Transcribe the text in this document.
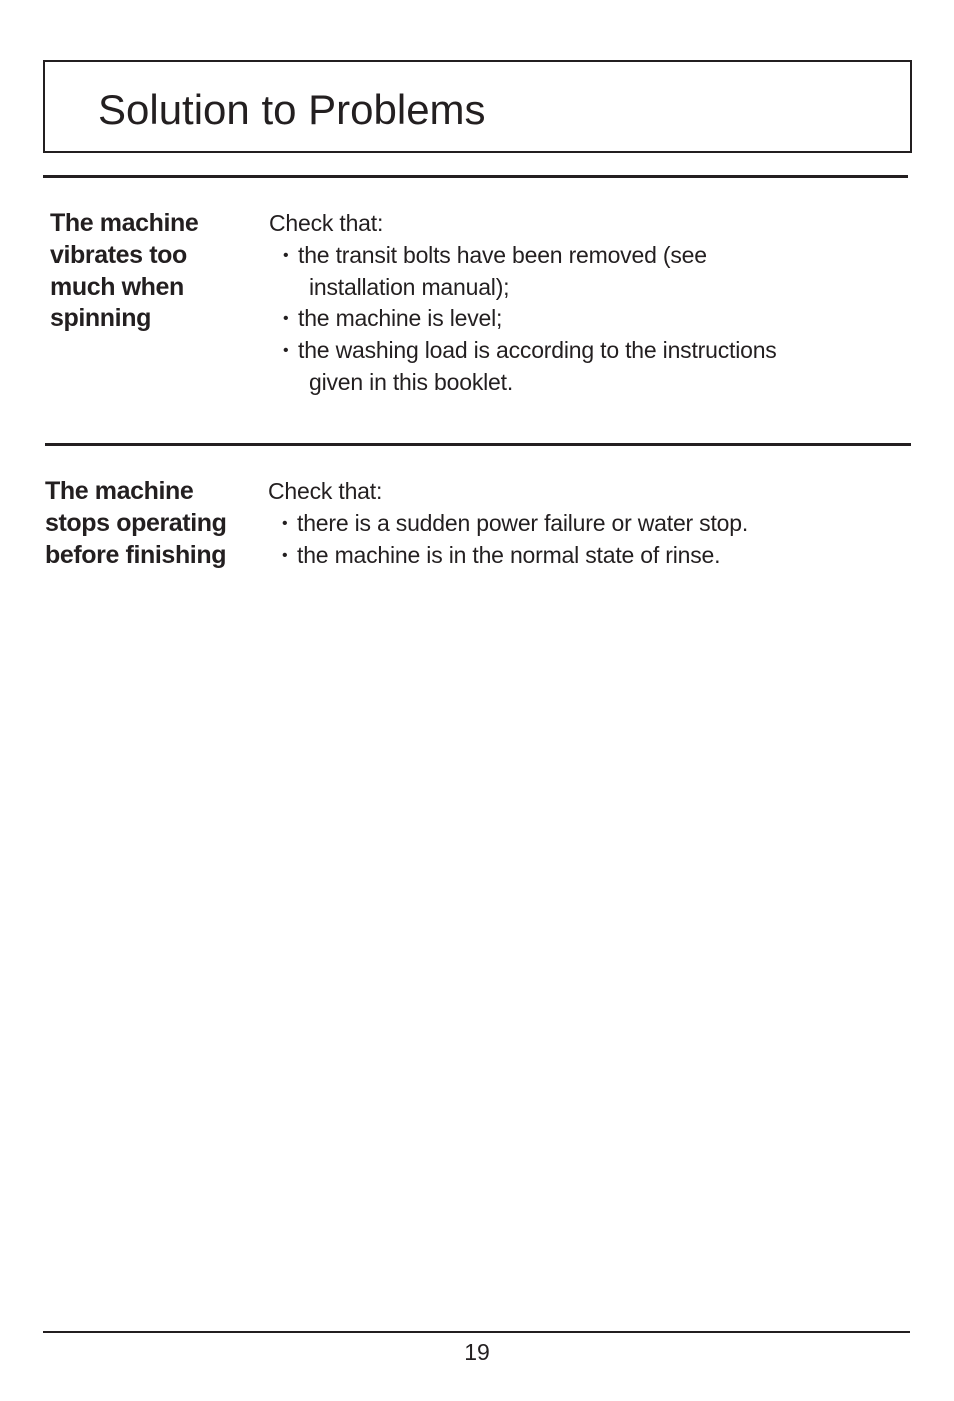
Solution to Problems
The machine
vibrates too
much when
spinning
Check that:
• the transit bolts have been removed (see
installation manual);
• the machine is level;
• the washing load is according to the instructions
given in this booklet.
The machine
stops operating
before finishing
Check that:
• there is a sudden power failure or water stop.
• the machine is in the normal state of rinse.
19
